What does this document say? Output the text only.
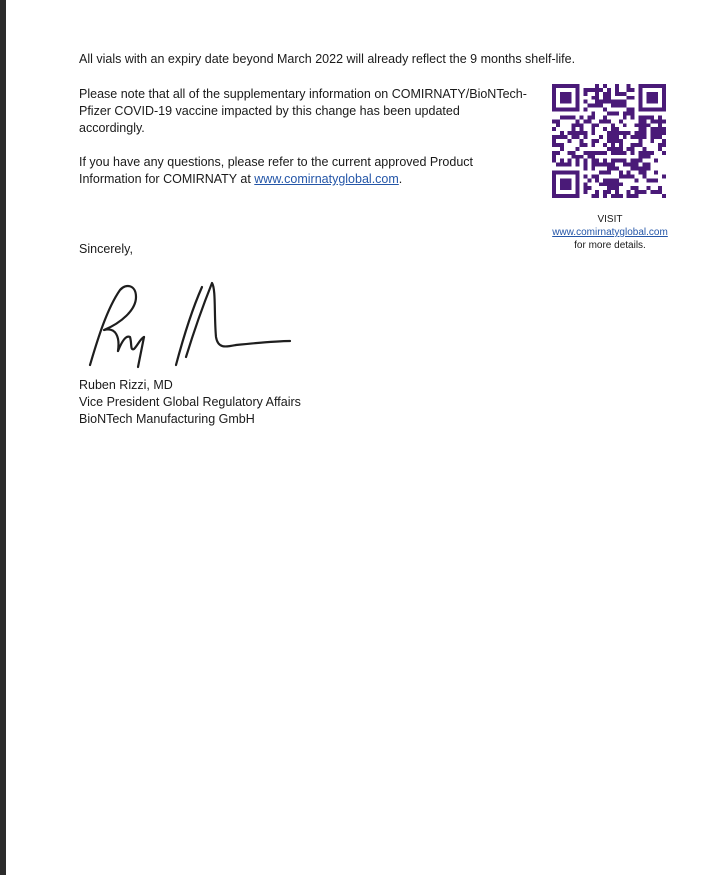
All vials with an expiry date beyond March 2022 will already reflect the 9 months shelf-life.

Please note that all of the supplementary information on COMIRNATY/BioNTech-Pfizer COVID-19 vaccine impacted by this change has been updated accordingly.

If you have any questions, please refer to the current approved Product Information for COMIRNATY at www.comirnatyglobal.com.

VISIT
www.comirnatyglobal.com
for more details.

Sincerely,

Ruben Rizzi, MD
Vice President Global Regulatory Affairs
BioNTech Manufacturing GmbH
